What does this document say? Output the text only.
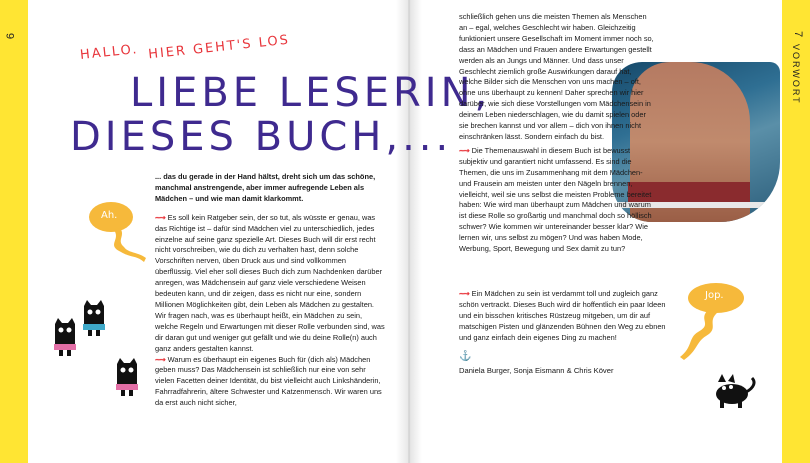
6
HALLO. HIER GEHT'S LOS
LIEBE LESERIN,
DIESES BUCH,...
Ah.

... das du gerade in der Hand hältst, dreht sich um das schöne, manchmal anstrengende, aber immer aufregende Leben als Mädchen – und wie man damit klarkommt.

⟿ Es soll kein Ratgeber sein, der so tut, als wüsste er genau, was das Richtige ist – dafür sind Mädchen viel zu unterschiedlich, jedes einzelne auf seine ganz spezielle Art. Dieses Buch will dir erst recht nicht vorschreiben, wie du dich zu verhalten hast, denn solche Vorschriften nerven, üben Druck aus und sind vollkommen überflüssig. Viel eher soll dieses Buch dich zum Nachdenken darüber anregen, was Mädchensein auf ganz viele verschiedene Weisen bedeuten kann, und dir zeigen, dass es nicht nur eine, sondern Millionen Möglichkeiten gibt, dein Leben als Mädchen zu gestalten. Wir fragen nach, was es überhaupt heißt, ein Mädchen zu sein, welche Regeln und Erwartungen mit dieser Rolle verbunden sind, was dir daran gut und weniger gut gefällt und wie du deine Rolle(n) auch ganz anders gestalten kannst.

⟿ Warum es überhaupt ein eigenes Buch für (dich als) Mädchen geben muss? Das Mädchensein ist schließlich nur eine von sehr vielen Facetten deiner Identität, du bist vielleicht auch Linkshänderin, Fahrradfahrerin, ältere Schwester und Katzenmensch. Wir waren uns da erst auch nicht sicher,

VORWORT
7

schließlich gehen uns die meisten Themen als Menschen an – egal, welches Geschlecht wir haben. Gleichzeitig funktioniert unsere Gesellschaft im Moment immer noch so, dass an Mädchen und Frauen andere Erwartungen gestellt werden als an Jungs und Männer. Und dass unser Geschlecht ziemlich große Auswirkungen darauf hat, welche Bilder sich die Menschen von uns machen – oft, ohne uns überhaupt zu kennen! Daher sprechen wir hier darüber, wie sich diese Vorstellungen vom Mädchensein in deinem Leben niederschlagen, wie du damit spielen oder sie brechen kannst und vor allem – dich von ihnen nicht einschränken lässt. Sondern einfach du bist.

⟿ Die Themenauswahl in diesem Buch ist bewusst subjektiv und garantiert nicht umfassend. Es sind die Themen, die uns im Zusammenhang mit dem Mädchen- und Frausein am meisten unter den Nägeln brennen, vielleicht, weil sie uns selbst die meisten Probleme bereitet haben: Wie wird man überhaupt zum Mädchen und warum ist diese Rolle so großartig und manchmal doch so höllisch schwer? Wie kommen wir untereinander besser klar? Wie lernen wir, uns selbst zu mögen? Und was haben Mode, Werbung, Sport, Bewegung und Sex damit zu tun?

⟿ Ein Mädchen zu sein ist verdammt toll und zugleich ganz schön vertrackt. Dieses Buch wird dir hoffentlich ein paar Ideen und ein bisschen kritisches Rüstzeug mitgeben, um dir auf matschigen Pisten und glänzenden Bühnen den Weg zu ebnen und ganz einfach dein eigenes Ding zu machen!

⚓

Daniela Burger, Sonja Eismann & Chris Köver

Jop.
